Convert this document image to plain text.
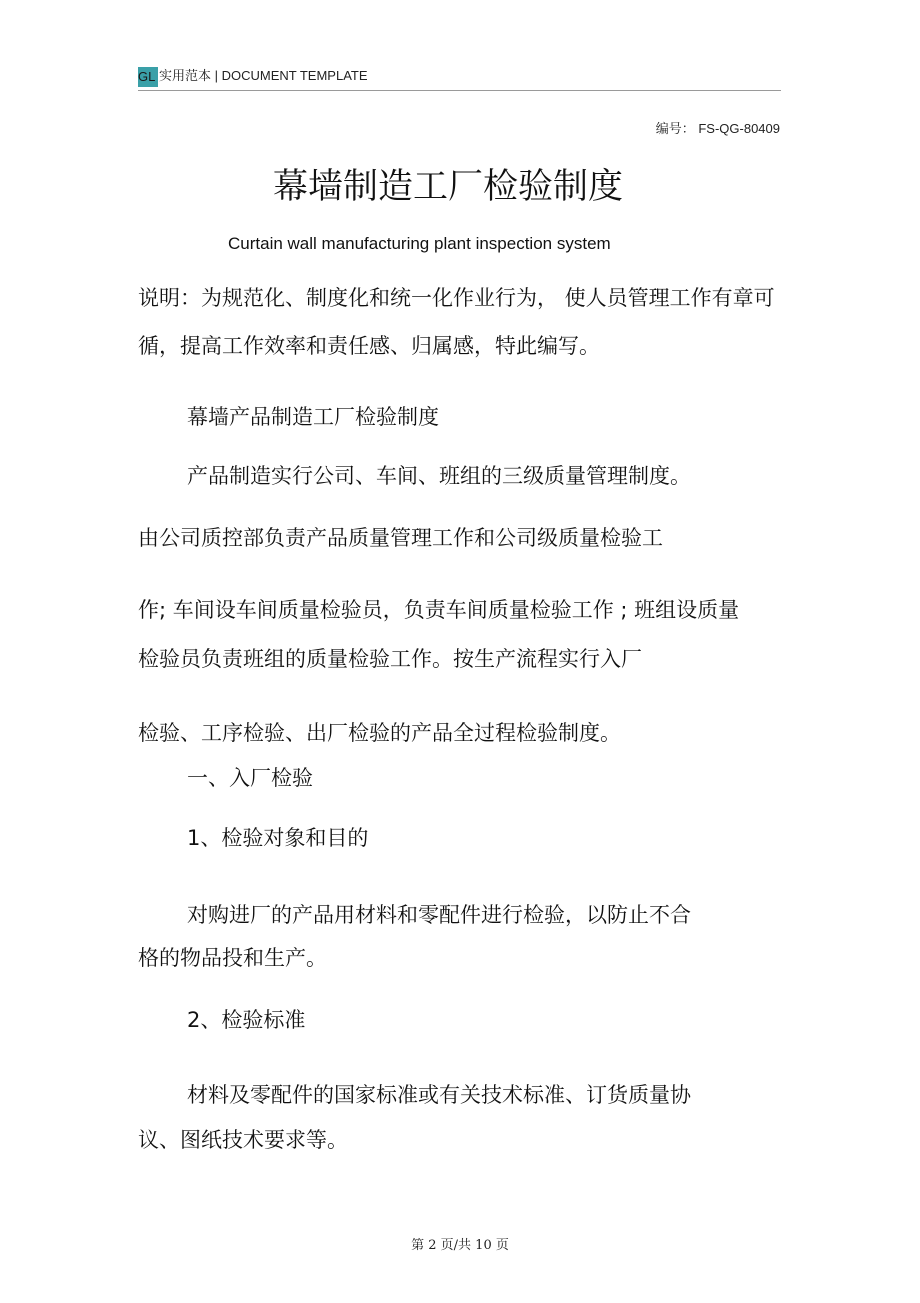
GL 实用范本 | DOCUMENT TEMPLATE
编号： FS-QG-80409
幕墙制造工厂检验制度
Curtain wall manufacturing plant inspection system
说明：为规范化、制度化和统一化作业行为， 使人员管理工作有章可
循，提高工作效率和责任感、归属感，特此编写。
幕墙产品制造工厂检验制度
产品制造实行公司、车间、班组的三级质量管理制度。
由公司质控部负责产品质量管理工作和公司级质量检验工
作; 车间设车间质量检验员，负责车间质量检验工作 ; 班组设质量
检验员负责班组的质量检验工作。按生产流程实行入厂
检验、工序检验、出厂检验的产品全过程检验制度。
一、入厂检验
1、检验对象和目的
对购进厂的产品用材料和零配件进行检验，以防止不合
格的物品投和生产。
2、检验标准
材料及零配件的国家标准或有关技术标准、订货质量协
议、图纸技术要求等。
第 2 页/共 10 页
